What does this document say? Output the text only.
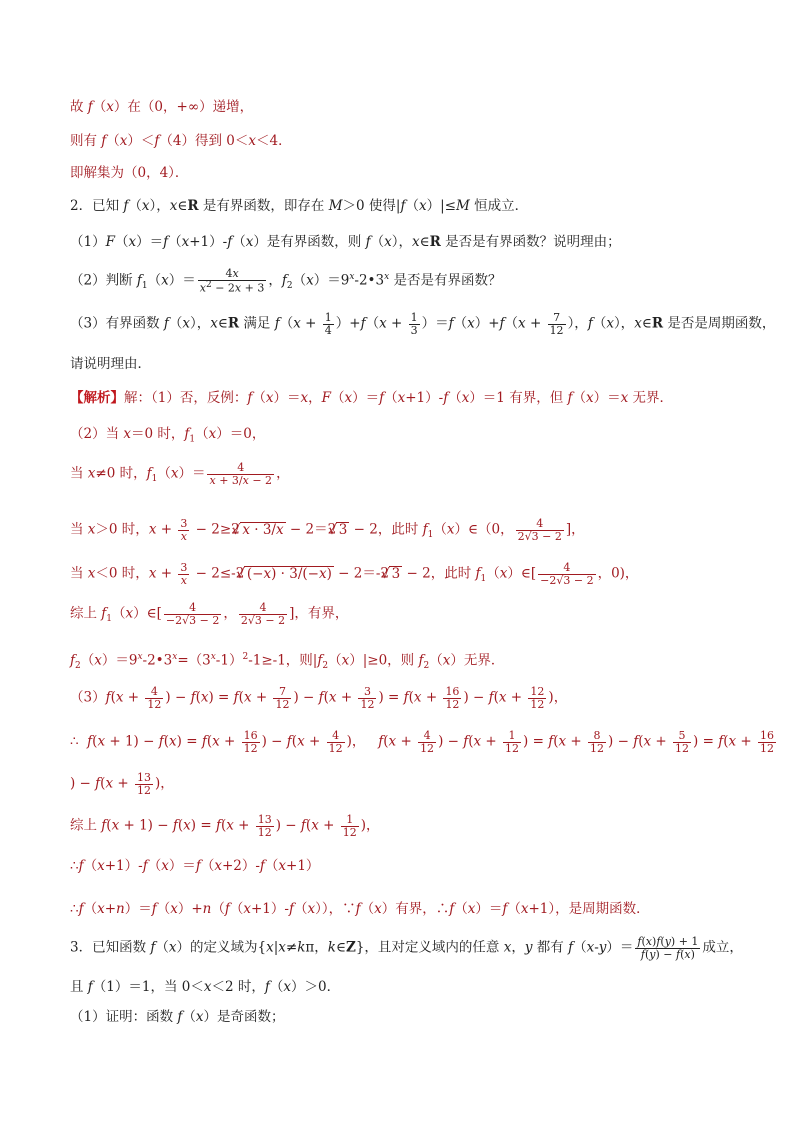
故 f（x）在（0，+∞）递增，
则有 f（x）＜f（4）得到 0＜x＜4．
即解集为（0，4）．
2．已知 f（x），x∈R 是有界函数，即存在 M＞0 使得|f（x）|≤M 恒成立．
（1）F（x）＝f（x+1）-f（x）是有界函数，则 f（x），x∈R 是否是有界函数？说明理由；
（2）判断 $f_1(x)= \frac{4x}{x^2 - 2x + 3}$ ，$f_2(x)=9^x-2•3^x$ 是否是有界函数？
（3）有界函数 f（x），x∈R 满足 $f(x + \frac{1}{4} )+f(x + \frac{1}{3} )=f(x)+f(x + \frac{7}{12}$ ），f（x），x∈R 是否是周期函数，
请说明理由．
【解析】解：（1）否，反例：f（x）＝x，F（x）＝f（x+1）-f（x）＝1 有界，但 f（x）＝x 无界．
（2）当 x＝0 时，$f_1(x)=0$，
当 x≠0 时，$f_1(x)= \frac{4}{x + 3/x - 2}$ ，
当 x＞0 时，$x + \frac{3}{x} - 2\ge 2√$ x · 3/x − 2＝2√ 3 − 2，此时 $f_1(x)\in(0$， $\frac{4}{2√3 - 2}$ ]，
当 x＜0 时，$x + \frac{3}{x} - 2\le-2√$ (−x) · 3/(−x) − 2＝-2√ 3 − 2，此时 $f_1(x)\in[ \frac{4}{-2√3 - 2}$ ，0)，
综上 $f_1(x)\in[ \frac{4}{-2√3 - 2}$ ， $\frac{4}{2√3 - 2}$ ]，有界，
$f_2(x)=9^x-2•3^x=(3^x-1)^2-1\ge-1$，则$|f_2(x)|\ge 0$，则 $f_2(x)$无界．
$(3)f(x + \frac{4}{12}$ ) − $f(x) = f(x + \frac{7}{12}$ ) − $f(x + \frac{3}{12}$ ) = $f(x + \frac{16}{12}$ ) − $f(x + \frac{12}{12}$ )，
∴  $f(x + 1) - f(x) = f(x + \frac{16}{12}$ ) − $f(x + \frac{4}{12}$ )，   $f(x + \frac{4}{12}$ ) − $f(x + \frac{1}{12}$ ) = $f(x + \frac{8}{12}$ ) − $f(x + \frac{5}{12}$ ) = $f(x + \frac{16}{12}$
) − $f(x + \frac{13}{12}$ )，
综上 $f(x + 1) - f(x) = f(x + \frac{13}{12}$ ) − $f(x + \frac{1}{12}$ )，
∴f（x+1）-f（x）＝f（x+2）-f（x+1）
∴f（x+n）＝f（x）+n（f（x+1）-f（x）），∵f（x）有界，∴f（x）＝f（x+1），是周期函数．
3．已知函数 f（x）的定义域为{x|x≠kπ，k∈Z}，且对定义域内的任意 x，y 都有 $f(x-y)= \frac{f(x)f(y) + 1}{f(y) - f(x)}$ 成立，
且 f（1）＝1，当 0＜x＜2 时，f（x）＞0．
（1）证明：函数 f（x）是奇函数；
